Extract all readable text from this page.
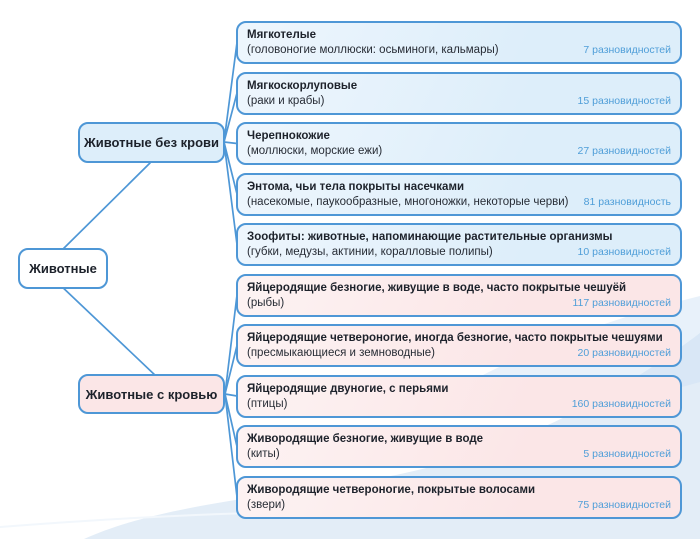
Животные
Животные без крови
Животные с кровью
Мягкотелые
(головоногие моллюски: осьминоги, кальмары)	7 разновидностей
Мягкоскорлуповые
(раки и крабы)	15 разновидностей
Черепнокожие
(моллюски, морские ежи)	27 разновидностей
Энтома, чьи тела покрыты насечками
(насекомые, паукообразные, многоножки, некоторые черви) 81 разновидность
Зоофиты: животные, напоминающие растительные организмы
(губки, медузы, актинии, коралловые полипы)	10 разновидностей
Яйцеродящие безногие, живущие в воде, часто покрытые чешуёй
(рыбы)	117 разновидностей
Яйцеродящие четвероногие, иногда безногие, часто покрытые чешуями
(пресмыкающиеся и земноводные)	20 разновидностей
Яйцеродящие двуногие, с перьями
(птицы)	160 разновидностей
Живородящие безногие, живущие в воде
(киты)	5 разновидностей
Живородящие четвероногие, покрытые волосами
(звери)	75 разновидностей
